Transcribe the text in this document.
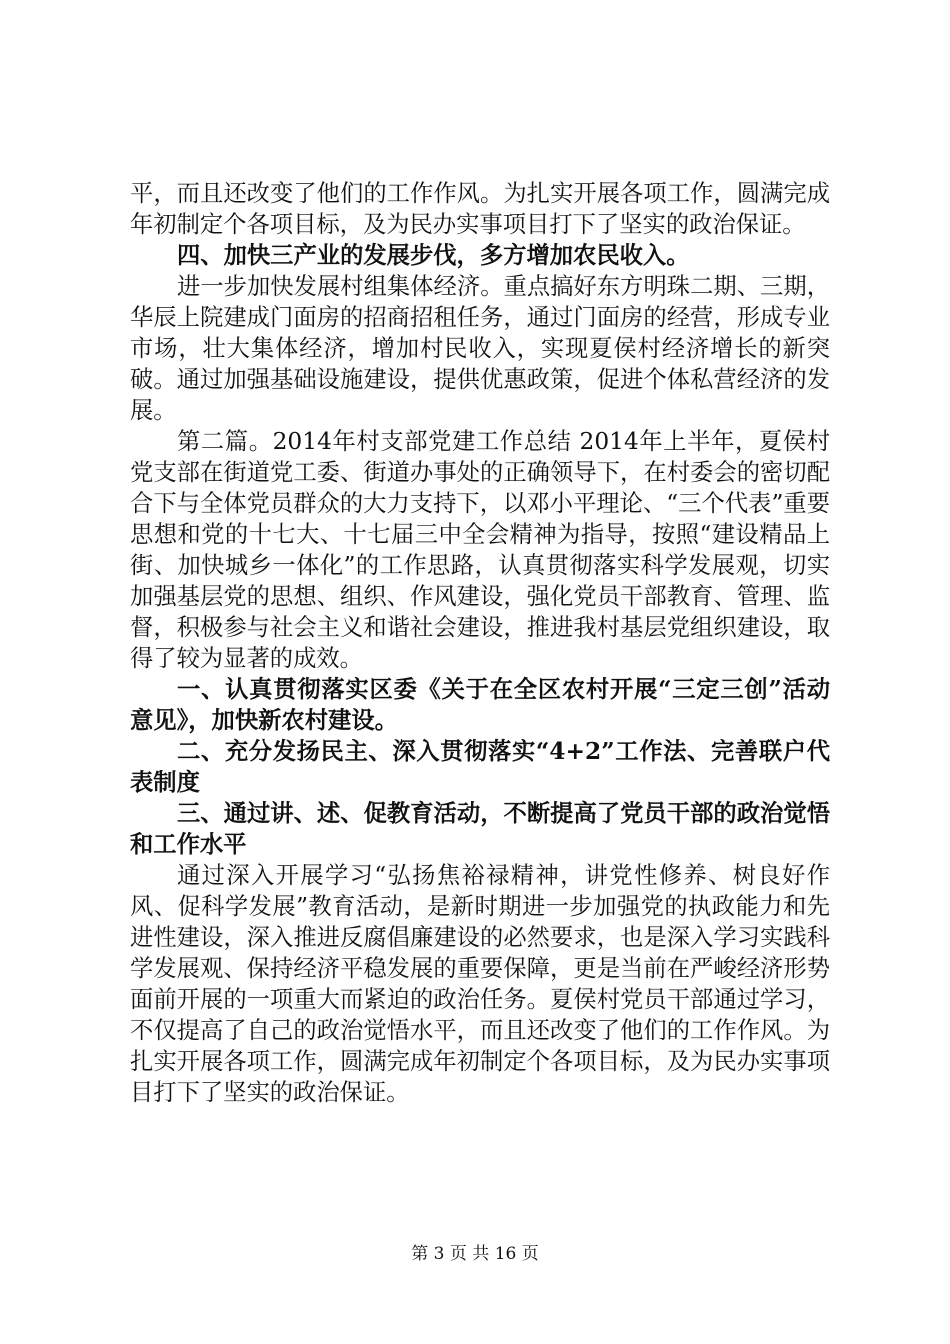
平，而且还改变了他们的工作作风。为扎实开展各项工作，圆满完成年初制定个各项目标，及为民办实事项目打下了坚实的政治保证。

四、加快三产业的发展步伐，多方增加农民收入。

进一步加快发展村组集体经济。重点搞好东方明珠二期、三期，华辰上院建成门面房的招商招租任务，通过门面房的经营，形成专业市场，壮大集体经济，增加村民收入，实现夏侯村经济增长的新突破。通过加强基础设施建设，提供优惠政策，促进个体私营经济的发展。

第二篇。2014年村支部党建工作总结 2014年上半年，夏侯村党支部在街道党工委、街道办事处的正确领导下，在村委会的密切配合下与全体党员群众的大力支持下，以邓小平理论、“三个代表”重要思想和党的十七大、十七届三中全会精神为指导，按照“建设精品上街、加快城乡一体化”的工作思路，认真贯彻落实科学发展观，切实加强基层党的思想、组织、作风建设，强化党员干部教育、管理、监督，积极参与社会主义和谐社会建设，推进我村基层党组织建设，取得了较为显著的成效。

一、认真贯彻落实区委《关于在全区农村开展“三定三创”活动意见》，加快新农村建设。

二、充分发扬民主、深入贯彻落实“4+2”工作法、完善联户代表制度

三、通过讲、述、促教育活动，不断提高了党员干部的政治觉悟和工作水平

通过深入开展学习“弘扬焦裕禄精神，讲党性修养、树良好作风、促科学发展”教育活动，是新时期进一步加强党的执政能力和先进性建设，深入推进反腐倡廉建设的必然要求，也是深入学习实践科学发展观、保持经济平稳发展的重要保障，更是当前在严峻经济形势面前开展的一项重大而紧迫的政治任务。夏侯村党员干部通过学习，不仅提高了自己的政治觉悟水平，而且还改变了他们的工作作风。为扎实开展各项工作，圆满完成年初制定个各项目标，及为民办实事项目打下了坚实的政治保证。

第 3 页 共 16 页
